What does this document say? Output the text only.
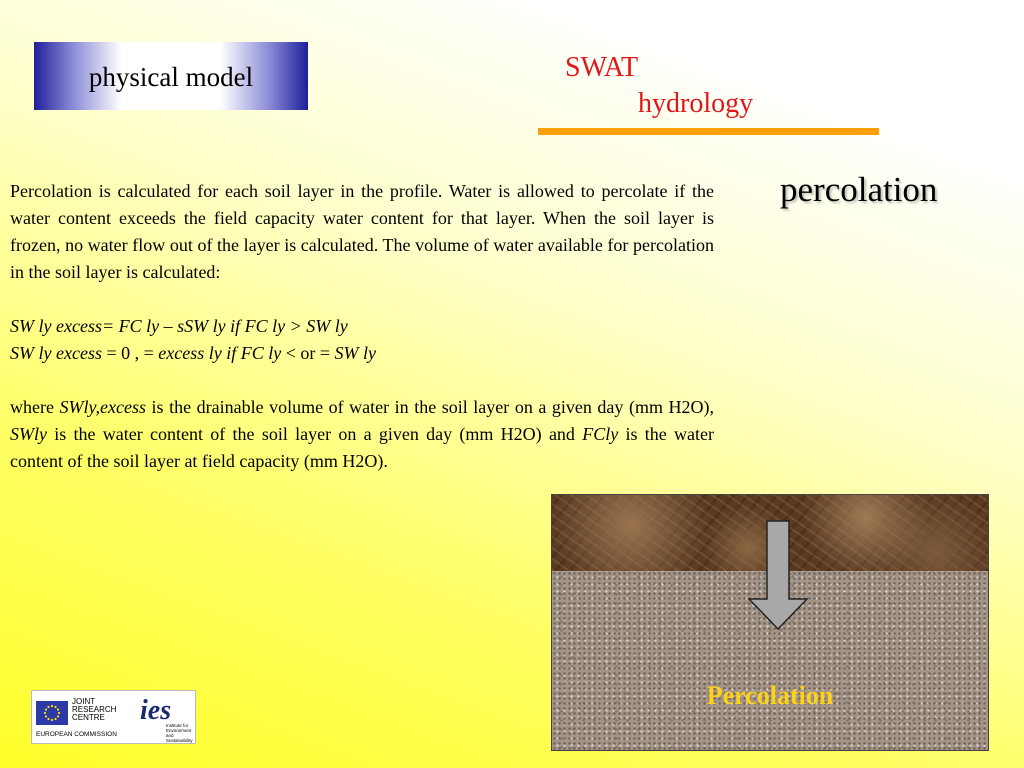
physical model	SWAT
hydrology
percolation

Percolation is calculated for each soil layer in the profile. Water is allowed to percolate if the water content exceeds the field capacity water content for that layer. When the soil layer is frozen, no water flow out of the layer is calculated. The volume of water available for percolation in the soil layer is calculated:

SW ly excess= FC ly – sSW ly if FC ly > SW ly

SW ly excess = 0 , = excess ly if FC ly < or = SW ly

where SWly,excess is the drainable volume of water in the soil layer on a given day (mm H2O), SWly is the water content of the soil layer on a given day (mm H2O) and FCly is the water content of the soil layer at field capacity (mm H2O).

Percolation
JOINT
RESEARCH
CENTRE
EUROPEAN COMMISSION
ies
Institute for
Environment and
Sustainability
